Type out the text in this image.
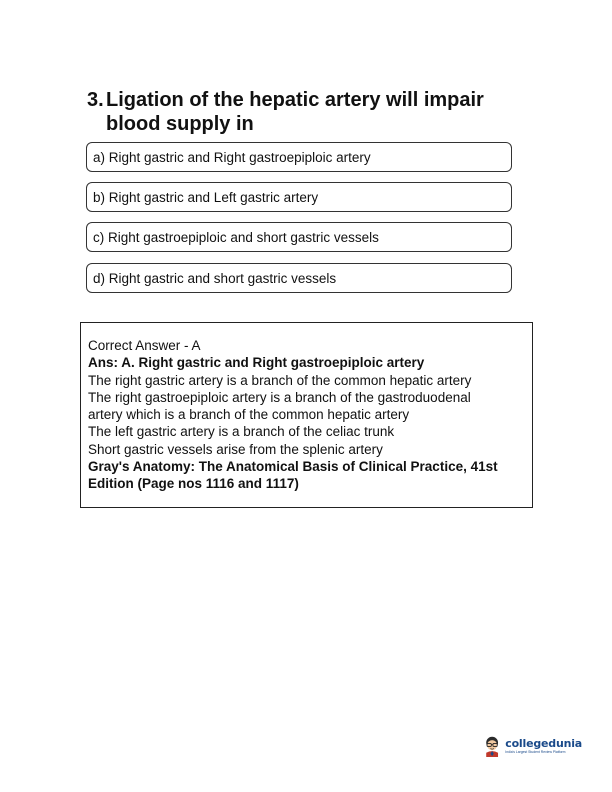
3. Ligation of the hepatic artery will impair
blood supply in
a) Right gastric and Right gastroepiploic artery
b) Right gastric and Left gastric artery
c) Right gastroepiploic and short gastric vessels
d) Right gastric and short gastric vessels
Correct Answer - A
Ans: A. Right gastric and Right gastroepiploic artery
The right gastric artery is a branch of the common hepatic artery
The right gastroepiploic artery is a branch of the gastroduodenal
artery which is a branch of the common hepatic artery
The left gastric artery is a branch of the celiac trunk
Short gastric vessels arise from the splenic artery
Gray's Anatomy: The Anatomical Basis of Clinical Practice, 41st
Edition (Page nos 1116 and 1117)
collegedunia
India's Largest Student Review Platform
